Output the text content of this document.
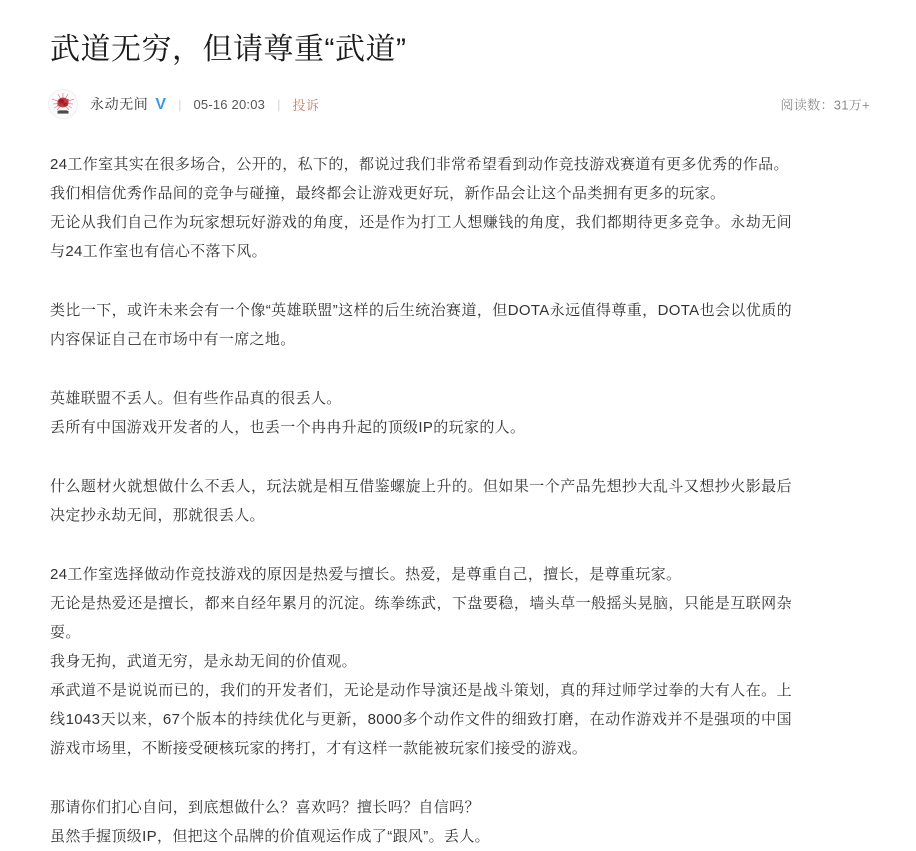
武道无穷，但请尊重“武道”
永动无间 V | 05-16 20:03 | 投诉	阅读数：31万+

24工作室其实在很多场合，公开的，私下的，都说过我们非常希望看到动作竞技游戏赛道有更多优秀的作品。

我们相信优秀作品间的竞争与碰撞，最终都会让游戏更好玩，新作品会让这个品类拥有更多的玩家。

无论从我们自己作为玩家想玩好游戏的角度，还是作为打工人想赚钱的角度，我们都期待更多竞争。永劫无间与24工作室也有信心不落下风。

类比一下，或许未来会有一个像“英雄联盟”这样的后生统治赛道，但DOTA永远值得尊重，DOTA也会以优质的内容保证自己在市场中有一席之地。

英雄联盟不丢人。但有些作品真的很丢人。

丢所有中国游戏开发者的人，也丢一个冉冉升起的顶级IP的玩家的人。

什么题材火就想做什么不丢人，玩法就是相互借鉴螺旋上升的。但如果一个产品先想抄大乱斗又想抄火影最后决定抄永劫无间，那就很丢人。

24工作室选择做动作竞技游戏的原因是热爱与擅长。热爱，是尊重自己，擅长，是尊重玩家。

无论是热爱还是擅长，都来自经年累月的沉淀。练拳练武，下盘要稳，墙头草一般摇头晃脑，只能是互联网杂耍。

我身无拘，武道无穷，是永劫无间的价值观。

承武道不是说说而已的，我们的开发者们，无论是动作导演还是战斗策划，真的拜过师学过拳的大有人在。上线1043天以来，67个版本的持续优化与更新，8000多个动作文件的细致打磨，在动作游戏并不是强项的中国游戏市场里，不断接受硬核玩家的拷打，才有这样一款能被玩家们接受的游戏。

那请你们扪心自问，到底想做什么？喜欢吗？擅长吗？自信吗？

虽然手握顶级IP，但把这个品牌的价值观运作成了“跟风”。丢人。
